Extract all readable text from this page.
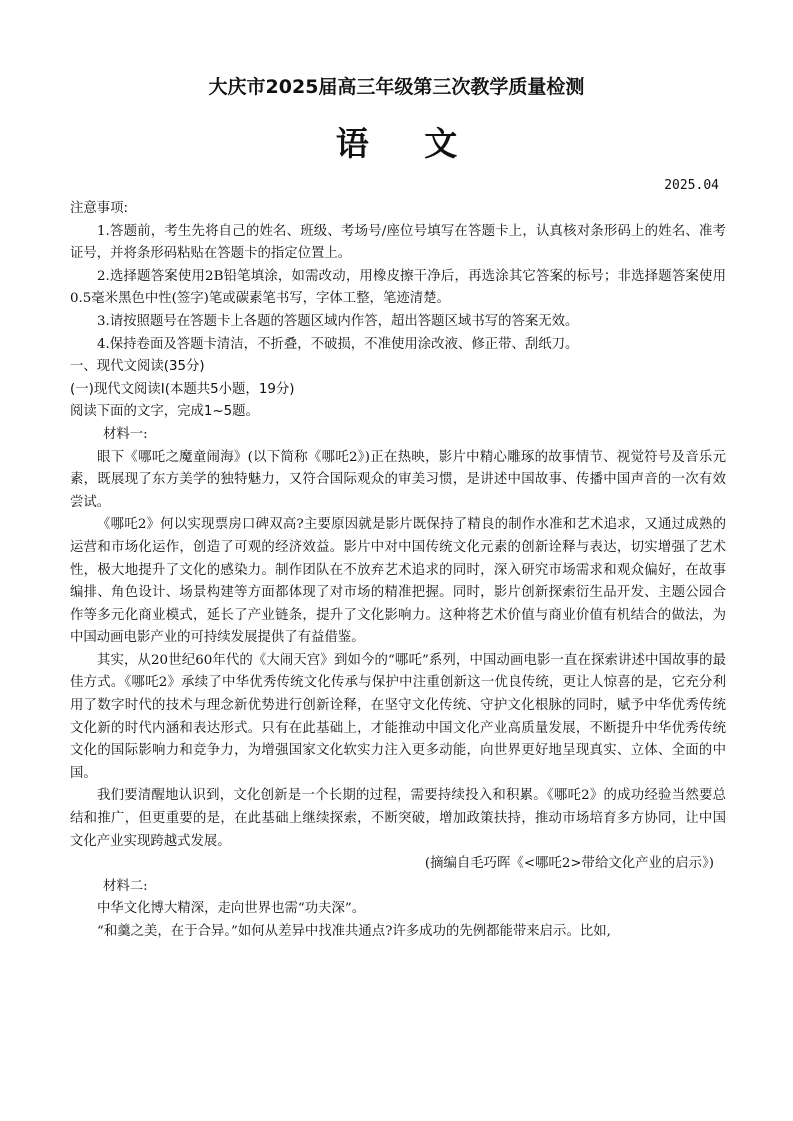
大庆市2025届高三年级第三次教学质量检测
语 文
2025.04

注意事项:

1.答题前，考生先将自己的姓名、班级、考场号/座位号填写在答题卡上，认真核对条形码上的姓名、准考证号，并将条形码粘贴在答题卡的指定位置上。

2.选择题答案使用2B铅笔填涂，如需改动，用橡皮擦干净后，再选涂其它答案的标号；非选择题答案使用0.5毫米黑色中性(签字)笔或碳素笔书写，字体工整，笔迹清楚。

3.请按照题号在答题卡上各题的答题区域内作答，超出答题区域书写的答案无效。

4.保持卷面及答题卡清洁，不折叠，不破损，不准使用涂改液、修正带、刮纸刀。

一、现代文阅读(35分)

(一)现代文阅读Ⅰ(本题共5小题，19分)

阅读下面的文字，完成1~5题。

材料一:

眼下《哪吒之魔童闹海》(以下简称《哪吒2》)正在热映，影片中精心雕琢的故事情节、视觉符号及音乐元素，既展现了东方美学的独特魅力，又符合国际观众的审美习惯，是讲述中国故事、传播中国声音的一次有效尝试。

《哪吒2》何以实现票房口碑双高?主要原因就是影片既保持了精良的制作水准和艺术追求，又通过成熟的运营和市场化运作，创造了可观的经济效益。影片中对中国传统文化元素的创新诠释与表达，切实增强了艺术性，极大地提升了文化的感染力。制作团队在不放弃艺术追求的同时，深入研究市场需求和观众偏好，在故事编排、角色设计、场景构建等方面都体现了对市场的精准把握。同时，影片创新探索衍生品开发、主题公园合作等多元化商业模式，延长了产业链条，提升了文化影响力。这种将艺术价值与商业价值有机结合的做法，为中国动画电影产业的可持续发展提供了有益借鉴。

其实，从20世纪60年代的《大闹天宫》到如今的“哪吒”系列，中国动画电影一直在探索讲述中国故事的最佳方式。《哪吒2》承续了中华优秀传统文化传承与保护中注重创新这一优良传统，更让人惊喜的是，它充分利用了数字时代的技术与理念新优势进行创新诠释，在坚守文化传统、守护文化根脉的同时，赋予中华优秀传统文化新的时代内涵和表达形式。只有在此基础上，才能推动中国文化产业高质量发展，不断提升中华优秀传统文化的国际影响力和竞争力，为增强国家文化软实力注入更多动能，向世界更好地呈现真实、立体、全面的中国。

我们要清醒地认识到，文化创新是一个长期的过程，需要持续投入和积累。《哪吒2》的成功经验当然要总结和推广，但更重要的是，在此基础上继续探索，不断突破，增加政策扶持，推动市场培育多方协同，让中国文化产业实现跨越式发展。

(摘编自毛巧晖《<哪吒2>带给文化产业的启示》)

材料二:

中华文化博大精深，走向世界也需“功夫深”。

“和羹之美，在于合异。”如何从差异中找准共通点?许多成功的先例都能带来启示。比如,
